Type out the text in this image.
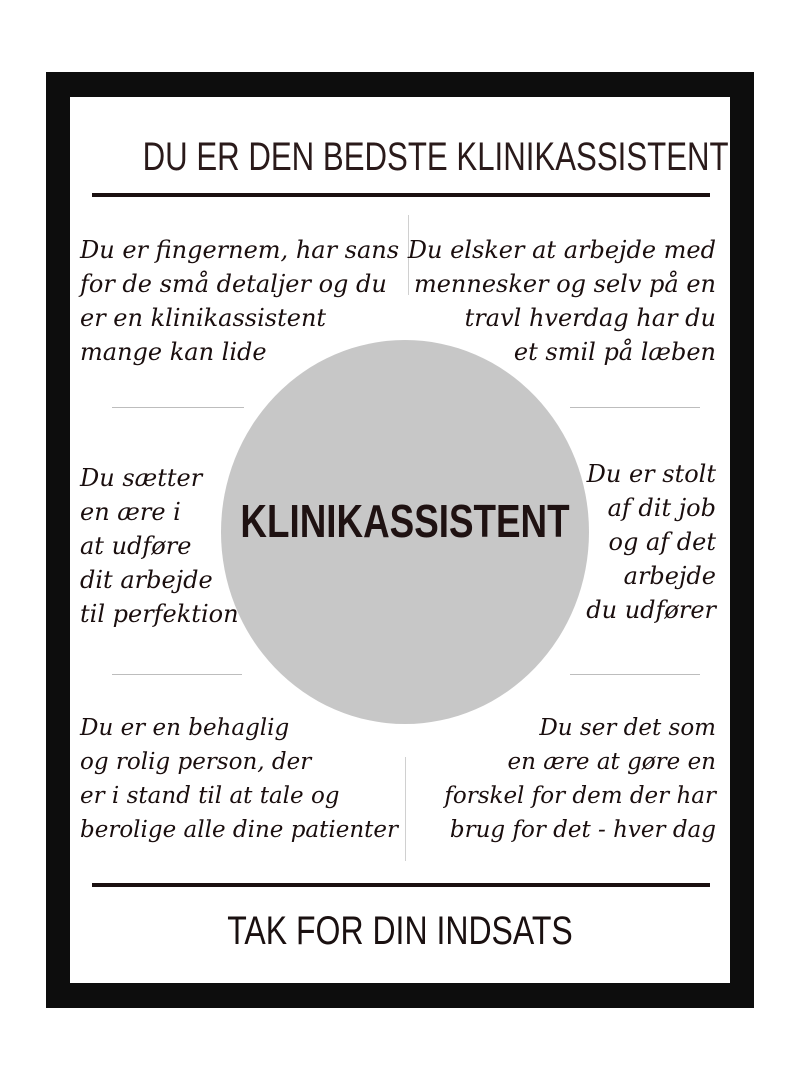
DU ER DEN BEDSTE KLINIKASSISTENT
Du er fingernem, har sans
for de små detaljer og du
er en klinikassistent
mange kan lide
Du elsker at arbejde med
mennesker og selv på en
travl hverdag har du
et smil på læben
KLINIKASSISTENT
Du sætter
en ære i
at udføre
dit arbejde
til perfektion
Du er stolt
af dit job
og af det
arbejde
du udfører
Du er en behaglig
og rolig person, der
er i stand til at tale og
berolige alle dine patienter
Du ser det som
en ære at gøre en
forskel for dem der har
brug for det - hver dag
TAK FOR DIN INDSATS
